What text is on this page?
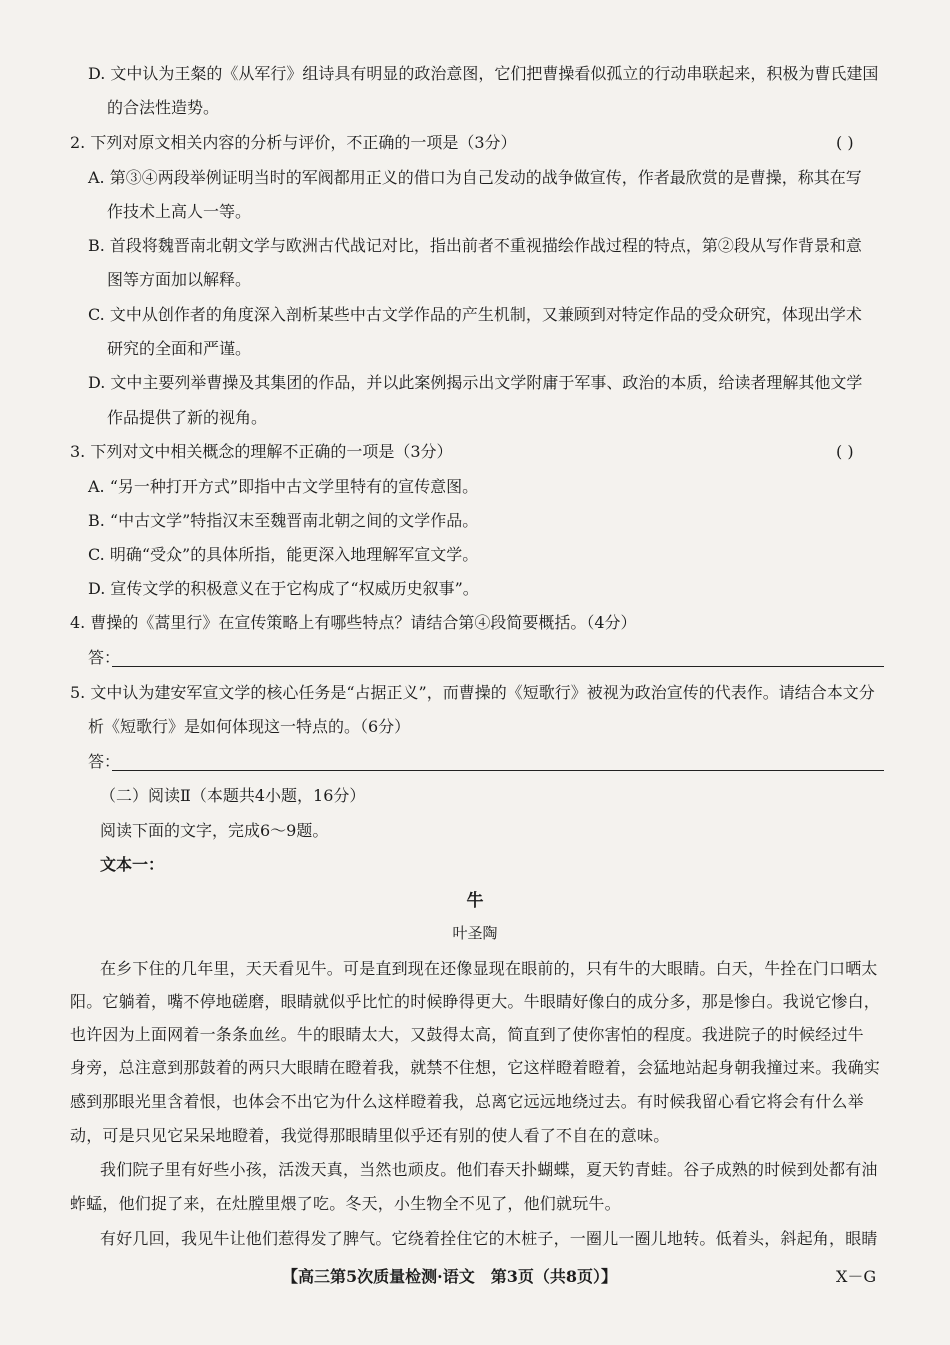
D. 文中认为王粲的《从军行》组诗具有明显的政治意图，它们把曹操看似孤立的行动串联起来，积极为曹氏建国
的合法性造势。
2. 下列对原文相关内容的分析与评价，不正确的一项是（3分）	( )
A. 第③④两段举例证明当时的军阀都用正义的借口为自己发动的战争做宣传，作者最欣赏的是曹操，称其在写
作技术上高人一等。
B. 首段将魏晋南北朝文学与欧洲古代战记对比，指出前者不重视描绘作战过程的特点，第②段从写作背景和意
图等方面加以解释。
C. 文中从创作者的角度深入剖析某些中古文学作品的产生机制，又兼顾到对特定作品的受众研究，体现出学术
研究的全面和严谨。
D. 文中主要列举曹操及其集团的作品，并以此案例揭示出文学附庸于军事、政治的本质，给读者理解其他文学
作品提供了新的视角。
3. 下列对文中相关概念的理解不正确的一项是（3分）	( )
A. “另一种打开方式”即指中古文学里特有的宣传意图。
B. “中古文学”特指汉末至魏晋南北朝之间的文学作品。
C. 明确“受众”的具体所指，能更深入地理解军宣文学。
D. 宣传文学的积极意义在于它构成了“权威历史叙事”。
4. 曹操的《蒿里行》在宣传策略上有哪些特点？请结合第④段简要概括。（4分）
答：
5. 文中认为建安军宣文学的核心任务是“占据正义”，而曹操的《短歌行》被视为政治宣传的代表作。请结合本文分
析《短歌行》是如何体现这一特点的。（6分）
答：
（二）阅读Ⅱ（本题共4小题，16分）
阅读下面的文字，完成6～9题。
文本一：
牛
叶圣陶
在乡下住的几年里，天天看见牛。可是直到现在还像显现在眼前的，只有牛的大眼睛。白天，牛拴在门口晒太
阳。它躺着，嘴不停地磋磨，眼睛就似乎比忙的时候睁得更大。牛眼睛好像白的成分多，那是惨白。我说它惨白，
也许因为上面网着一条条血丝。牛的眼睛太大，又鼓得太高，简直到了使你害怕的程度。我进院子的时候经过牛
身旁，总注意到那鼓着的两只大眼睛在瞪着我，就禁不住想，它这样瞪着瞪着，会猛地站起身朝我撞过来。我确实
感到那眼光里含着恨，也体会不出它为什么这样瞪着我，总离它远远地绕过去。有时候我留心看它将会有什么举
动，可是只见它呆呆地瞪着，我觉得那眼睛里似乎还有别的使人看了不自在的意味。
我们院子里有好些小孩，活泼天真，当然也顽皮。他们春天扑蝴蝶，夏天钓青蛙。谷子成熟的时候到处都有油
蚱蜢，他们捉了来，在灶膛里煨了吃。冬天，小生物全不见了，他们就玩牛。
有好几回，我见牛让他们惹得发了脾气。它绕着拴住它的木桩子，一圈儿一圈儿地转。低着头，斜起角，眼睛
【高三第5次质量检测·语文　第3页（共8页）】	X－G
